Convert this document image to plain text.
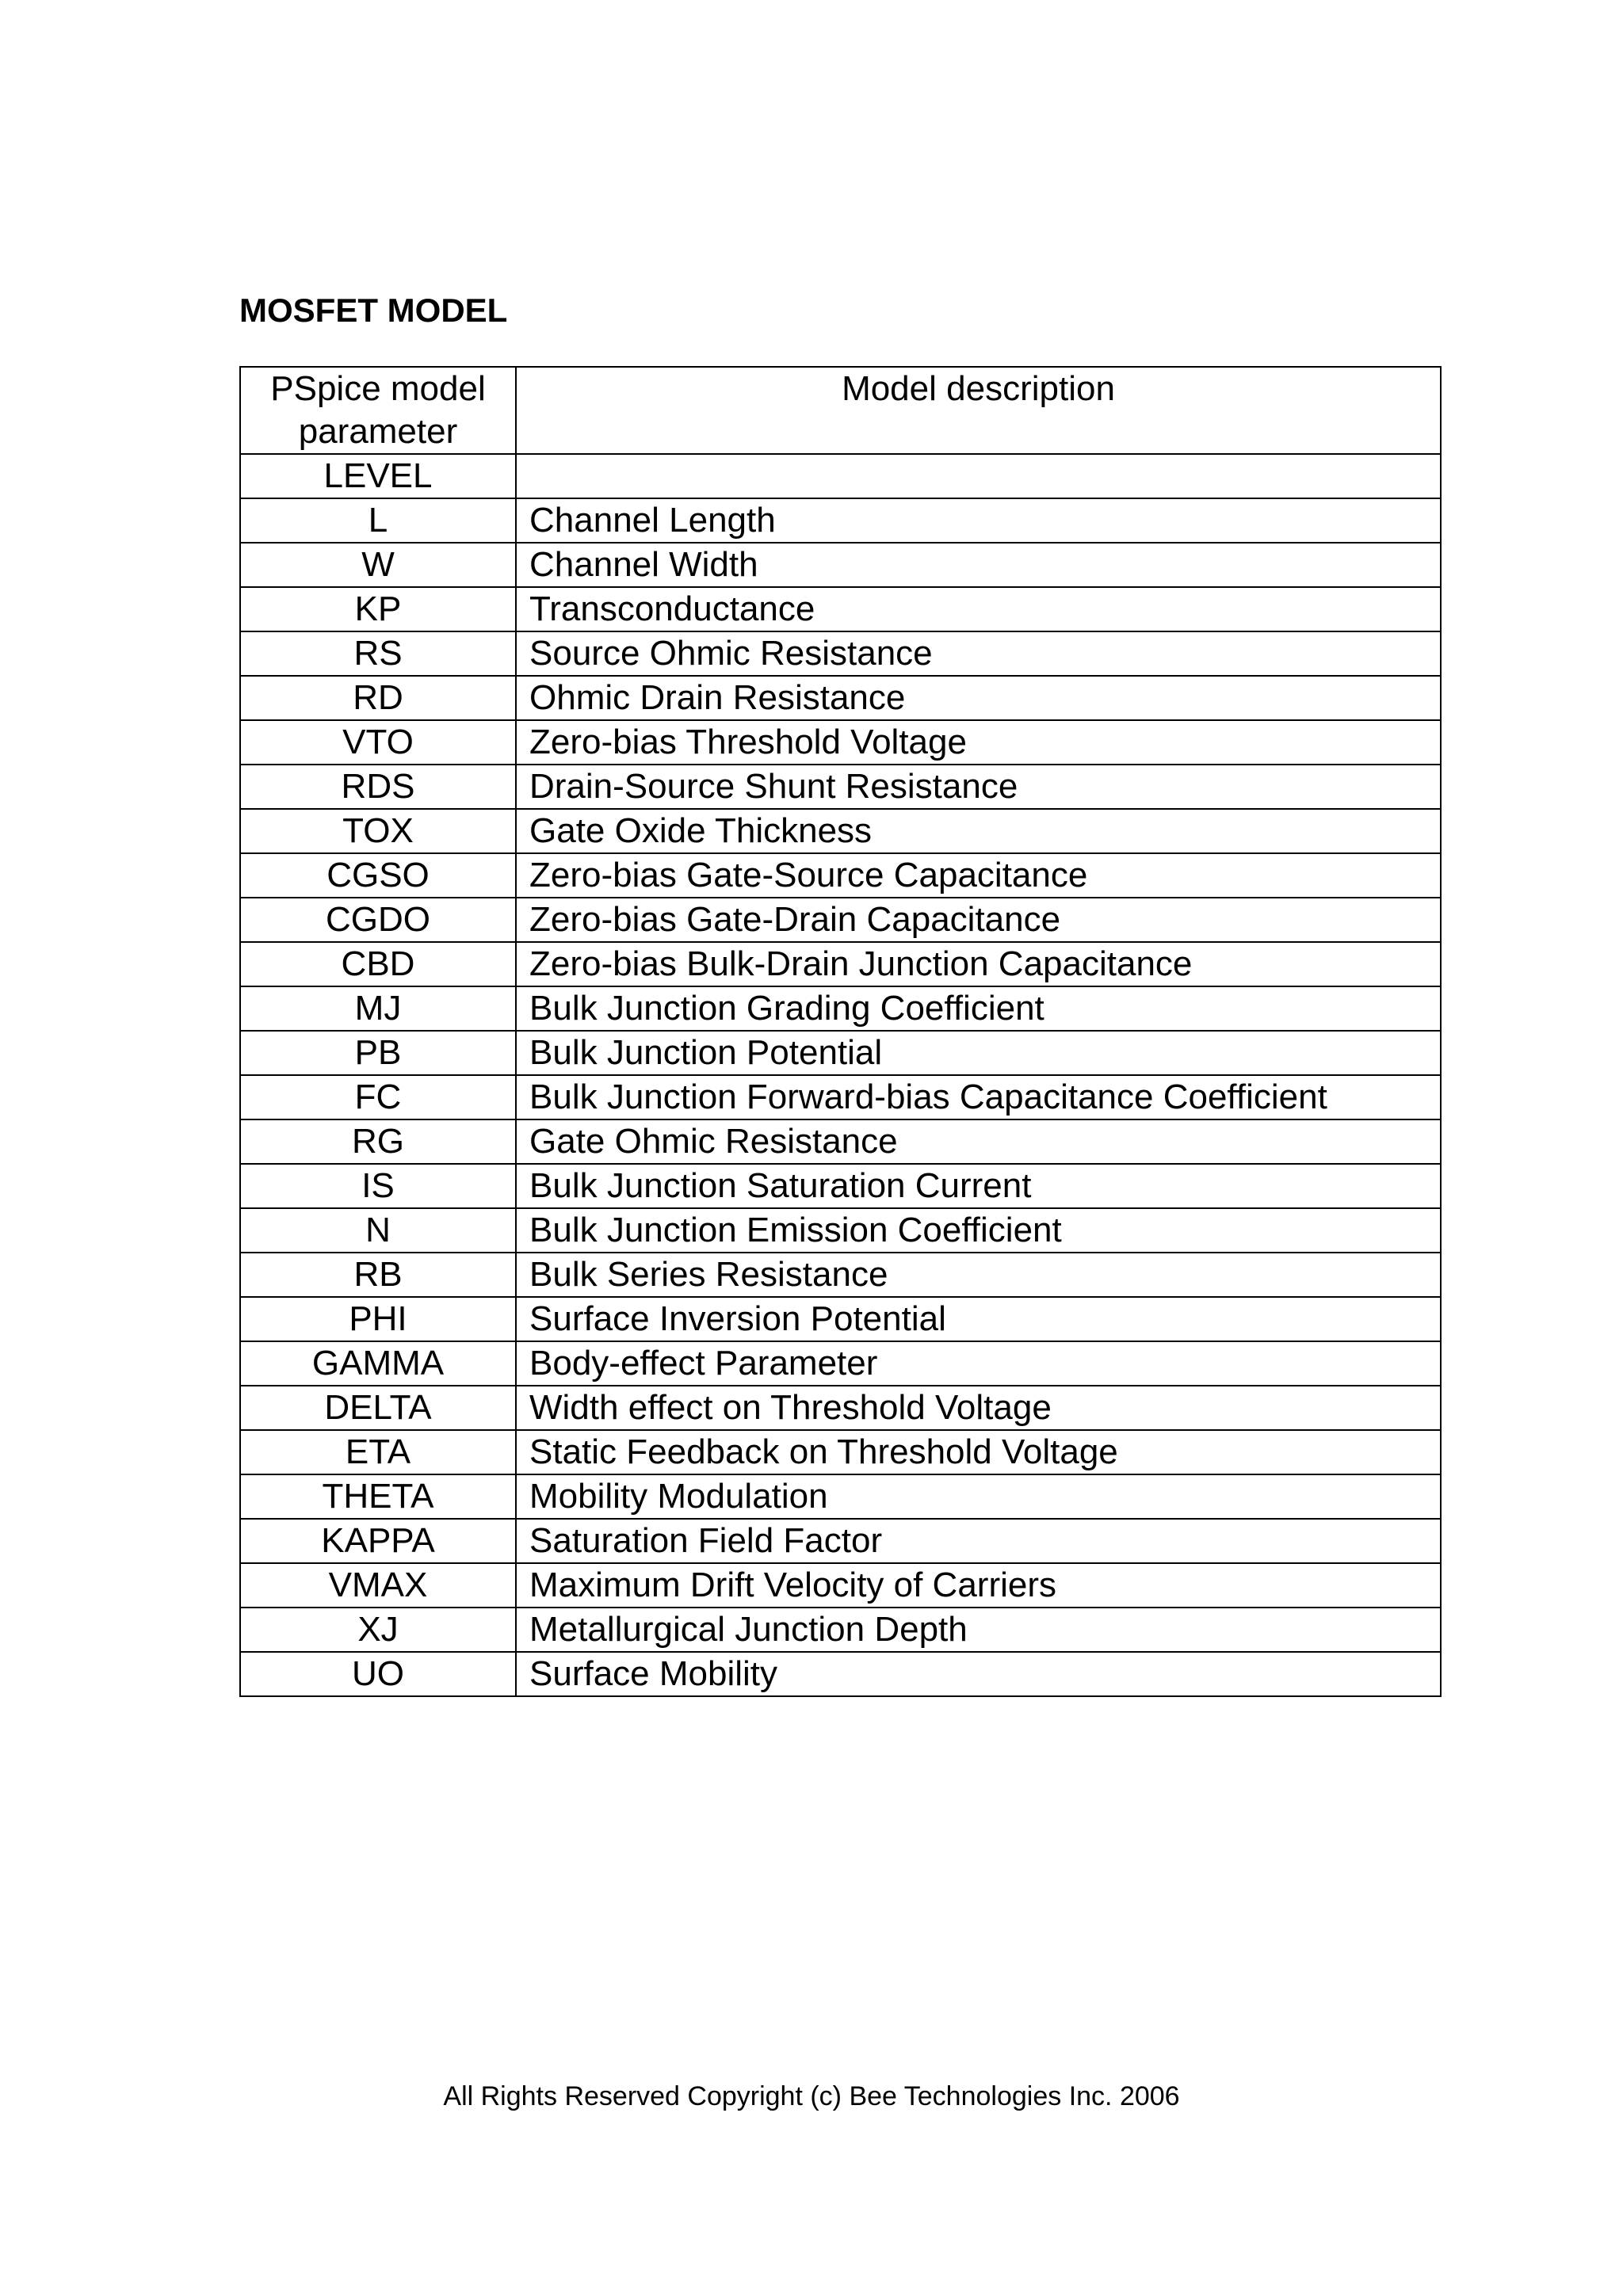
MOSFET MODEL
PSpice model parameter	Model description
LEVEL	
L	Channel Length
W	Channel Width
KP	Transconductance
RS	Source Ohmic Resistance
RD	Ohmic Drain Resistance
VTO	Zero-bias Threshold Voltage
RDS	Drain-Source Shunt Resistance
TOX	Gate Oxide Thickness
CGSO	Zero-bias Gate-Source Capacitance
CGDO	Zero-bias Gate-Drain Capacitance
CBD	Zero-bias Bulk-Drain Junction Capacitance
MJ	Bulk Junction Grading Coefficient
PB	Bulk Junction Potential
FC	Bulk Junction Forward-bias Capacitance Coefficient
RG	Gate Ohmic Resistance
IS	Bulk Junction Saturation Current
N	Bulk Junction Emission Coefficient
RB	Bulk Series Resistance
PHI	Surface Inversion Potential
GAMMA	Body-effect Parameter
DELTA	Width effect on Threshold Voltage
ETA	Static Feedback on Threshold Voltage
THETA	Mobility Modulation
KAPPA	Saturation Field Factor
VMAX	Maximum Drift Velocity of Carriers
XJ	Metallurgical Junction Depth
UO	Surface Mobility

All Rights Reserved Copyright (c) Bee Technologies Inc. 2006
